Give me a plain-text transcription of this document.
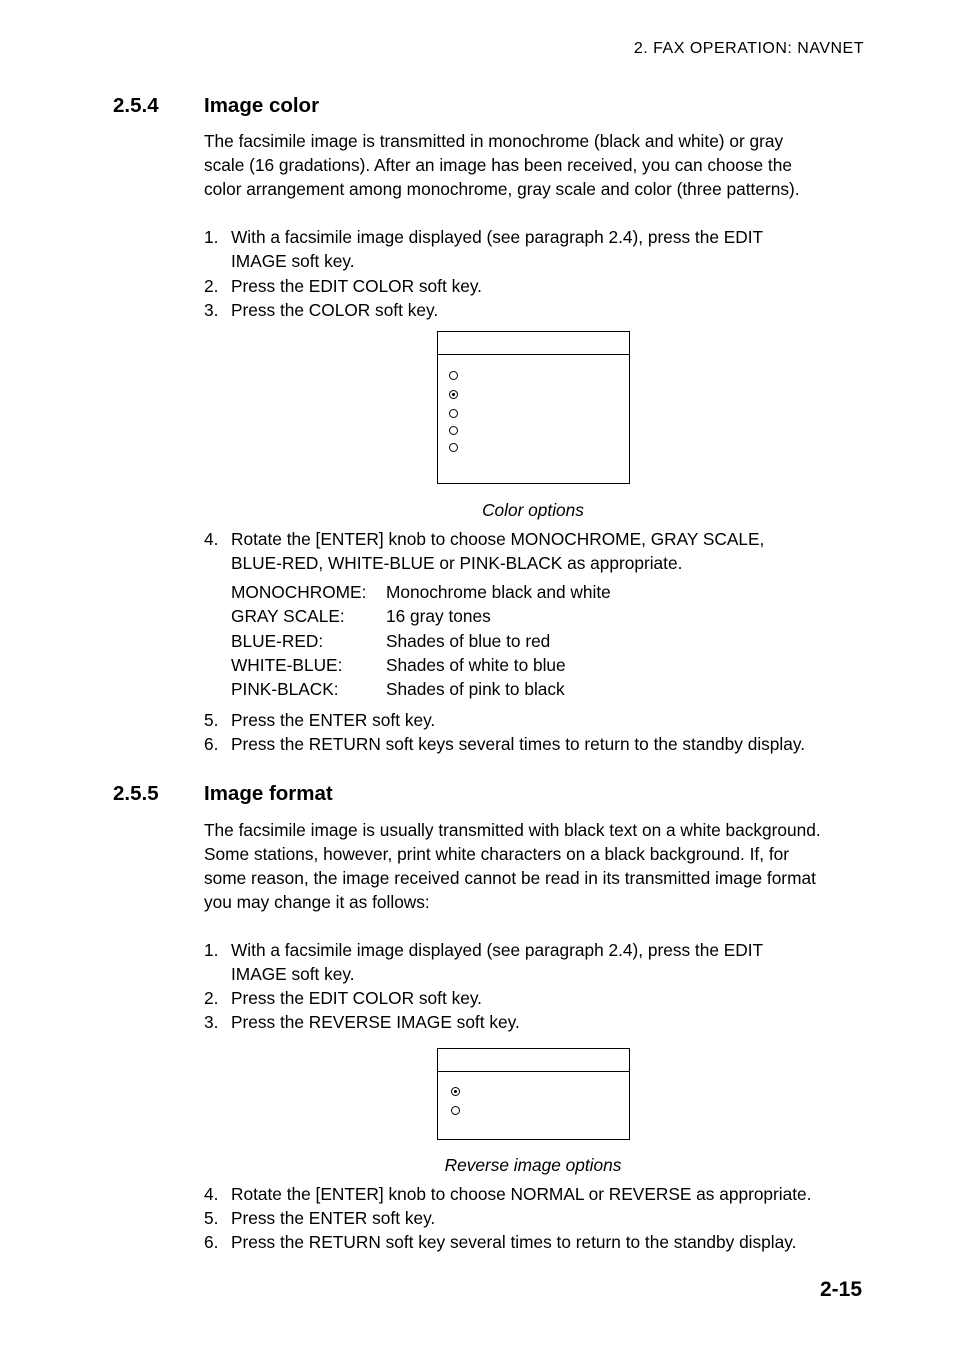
2. FAX OPERATION: NAVNET
2.5.4 Image color
The facsimile image is transmitted in monochrome (black and white) or gray
scale (16 gradations). After an image has been received, you can choose the
color arrangement among monochrome, gray scale and color (three patterns).
1. With a facsimile image displayed (see paragraph 2.4), press the EDIT
IMAGE soft key.
2. Press the EDIT COLOR soft key.
3. Press the COLOR soft key.
Color options
4. Rotate the [ENTER] knob to choose MONOCHROME, GRAY SCALE,
BLUE-RED, WHITE-BLUE or PINK-BLACK as appropriate.
MONOCHROME:	Monochrome black and white
GRAY SCALE:	16 gray tones
BLUE-RED:	Shades of blue to red
WHITE-BLUE:	Shades of white to blue
PINK-BLACK:	Shades of pink to black
5. Press the ENTER soft key.
6. Press the RETURN soft keys several times to return to the standby display.
2.5.5 Image format
The facsimile image is usually transmitted with black text on a white background.
Some stations, however, print white characters on a black background. If, for
some reason, the image received cannot be read in its transmitted image format
you may change it as follows:
1. With a facsimile image displayed (see paragraph 2.4), press the EDIT
IMAGE soft key.
2. Press the EDIT COLOR soft key.
3. Press the REVERSE IMAGE soft key.
Reverse image options
4. Rotate the [ENTER] knob to choose NORMAL or REVERSE as appropriate.
5. Press the ENTER soft key.
6. Press the RETURN soft key several times to return to the standby display.
2-15
